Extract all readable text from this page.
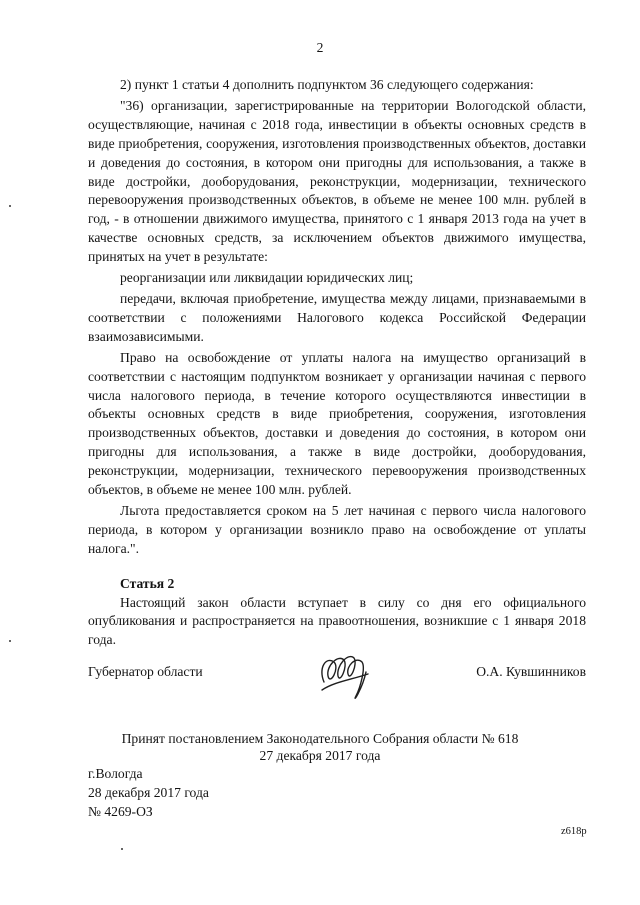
2

2) пункт 1 статьи 4 дополнить подпунктом 36 следующего содержания:

"36) организации, зарегистрированные на территории Вологодской области, осуществляющие, начиная с 2018 года, инвестиции в объекты основных средств в виде приобретения, сооружения, изготовления производственных объектов, доставки и доведения до состояния, в котором они пригодны для использования, а также в виде достройки, дооборудования, реконструкции, модернизации, технического перевооружения производственных объектов, в объеме не менее 100 млн. рублей в год, - в отношении движимого имущества, принятого с 1 января 2013 года на учет в качестве основных средств, за исключением объектов движимого имущества, принятых на учет в результате:

реорганизации или ликвидации юридических лиц;

передачи, включая приобретение, имущества между лицами, признаваемыми в соответствии с положениями Налогового кодекса Российской Федерации взаимозависимыми.

Право на освобождение от уплаты налога на имущество организаций в соответствии с настоящим подпунктом возникает у организации начиная с первого числа налогового периода, в течение которого осуществляются инвестиции в объекты основных средств в виде приобретения, сооружения, изготовления производственных объектов, доставки и доведения до состояния, в котором они пригодны для использования, а также в виде достройки, дооборудования, реконструкции, модернизации, технического перевооружения производственных объектов, в объеме не менее 100 млн. рублей.

Льгота предоставляется сроком на 5 лет начиная с первого числа налогового периода, в котором у организации возникло право на освобождение от уплаты налога.".

Статья 2

Настоящий закон области вступает в силу со дня его официального опубликования и распространяется на правоотношения, возникшие с 1 января 2018 года.

Губернатор области	О.А. Кувшинников
Принят постановлением Законодательного Собрания области № 618
27 декабря 2017 года
г.Вологда
28 декабря 2017 года
№ 4269-ОЗ
z618p
